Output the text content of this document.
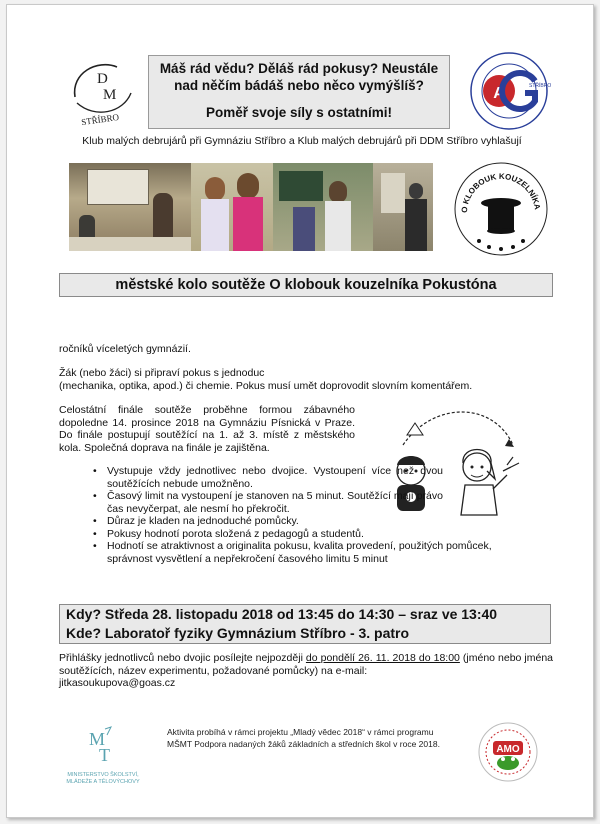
D
M
STŘÍBRO
Máš rád vědu? Děláš rád pokusy? Neustále nad něčím bádáš nebo něco vymýšlíš?
Poměř svoje síly s ostatními!
A	STŘÍBRO
Klub malých debrujárů při Gymnáziu Stříbro a Klub malých debrujárů při DDM Stříbro vyhlašují
O KLOBOUK KOUZELNÍKA
městské kolo soutěže O klobouk kouzelníka Pokustóna
ročníků víceletých gymnázií.
Žák (nebo žáci) si připraví pokus s jednoduc
(mechanika, optika, apod.) či chemie. Pokus musí umět doprovodit slovním komentářem.
Celostátní finále soutěže proběhne formou zábavného dopoledne 14. prosince 2018 na Gymnáziu Písnická v Praze. Do finále postupují soutěžící na 1. až 3. místě z městského kola. Společná doprava na finále je zajištěna.
• Vystupuje vždy jednotlivec nebo dvojice. Vystoupení více než dvou soutěžících nebude umožněno.
• Časový limit na vystoupení je stanoven na 5 minut. Soutěžící mají právo čas nevyčerpat, ale nesmí ho překročit.
• Důraz je kladen na jednoduché pomůcky.
• Pokusy hodnotí porota složená z pedagogů a studentů.
• Hodnotí se atraktivnost a originalita pokusu, kvalita provedení, použitých pomůcek, správnost vysvětlení a nepřekročení časového limitu 5 minut
Kdy? Středa 28. listopadu 2018 od 13:45 do 14:30 – sraz ve 13:40
Kde? Laboratoř fyziky Gymnázium Stříbro - 3. patro
Přihlášky jednotlivců nebo dvojic posílejte nejpozději do pondělí 26. 11. 2018 do 18:00 (jméno nebo jména soutěžících, název experimentu, požadované pomůcky) na e-mail:
jitkasoukupova@goas.cz
M
T
MINISTERSTVO ŠKOLSTVÍ, MLÁDEŽE A TĚLOVÝCHOVY
Aktivita probíhá v rámci projektu „Mladý vědec 2018“ v rámci programu
MŠMT Podpora nadaných žáků základních a středních škol v roce 2018.	AMO
